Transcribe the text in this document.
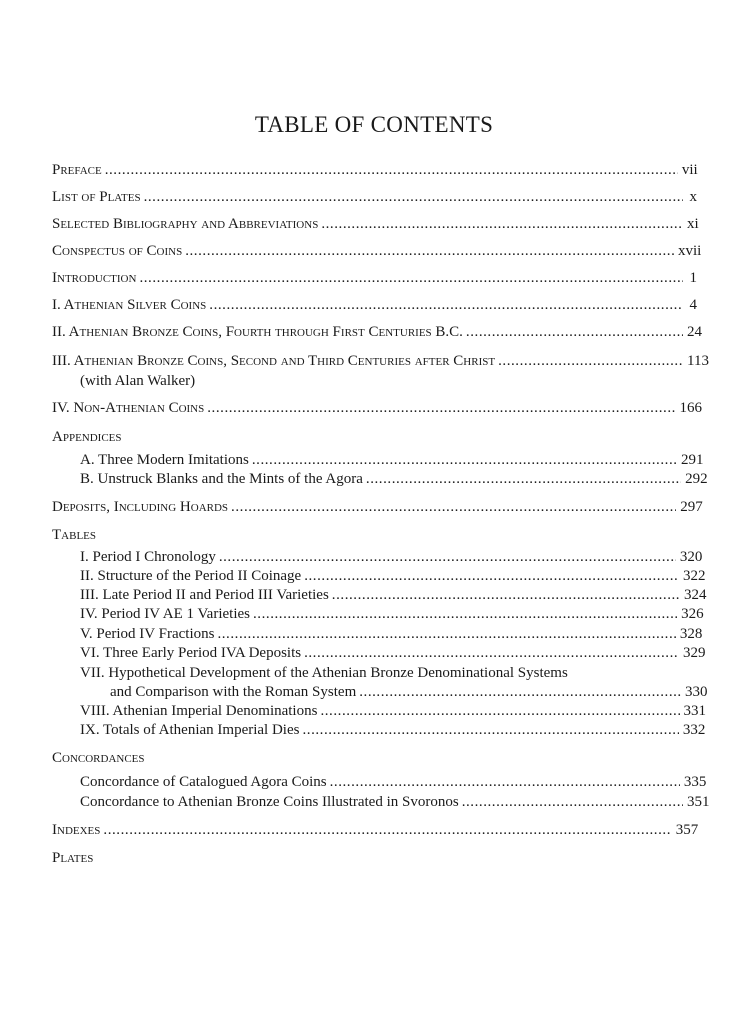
TABLE OF CONTENTS
Preface . . .	vii
List of Plates . . .	x
Selected Bibliography and Abbreviations . . .	xi
Conspectus of Coins . . .	xvii
Introduction . . .	1
I. Athenian Silver Coins . . .	4
II. Athenian Bronze Coins, Fourth through First Centuries B.C. . . .	24
III. Athenian Bronze Coins, Second and Third Centuries after Christ . . .	113
(with Alan Walker)
IV. Non-Athenian Coins . . .	166
Appendices
A. Three Modern Imitations . . .	291
B. Unstruck Blanks and the Mints of the Agora . . .	292
Deposits, Including Hoards . . .	297
Tables
I. Period I Chronology . . .	320
II. Structure of the Period II Coinage . . .	322
III. Late Period II and Period III Varieties . . .	324
IV. Period IV AE 1 Varieties . . .	326
V. Period IV Fractions . . .	328
VI. Three Early Period IVA Deposits . . .	329
VII. Hypothetical Development of the Athenian Bronze Denominational Systems
and Comparison with the Roman System . . .	330
VIII. Athenian Imperial Denominations . . .	331
IX. Totals of Athenian Imperial Dies . . .	332
Concordances
Concordance of Catalogued Agora Coins . . .	335
Concordance to Athenian Bronze Coins Illustrated in Svoronos . . .	351
Indexes . . .	357
Plates
